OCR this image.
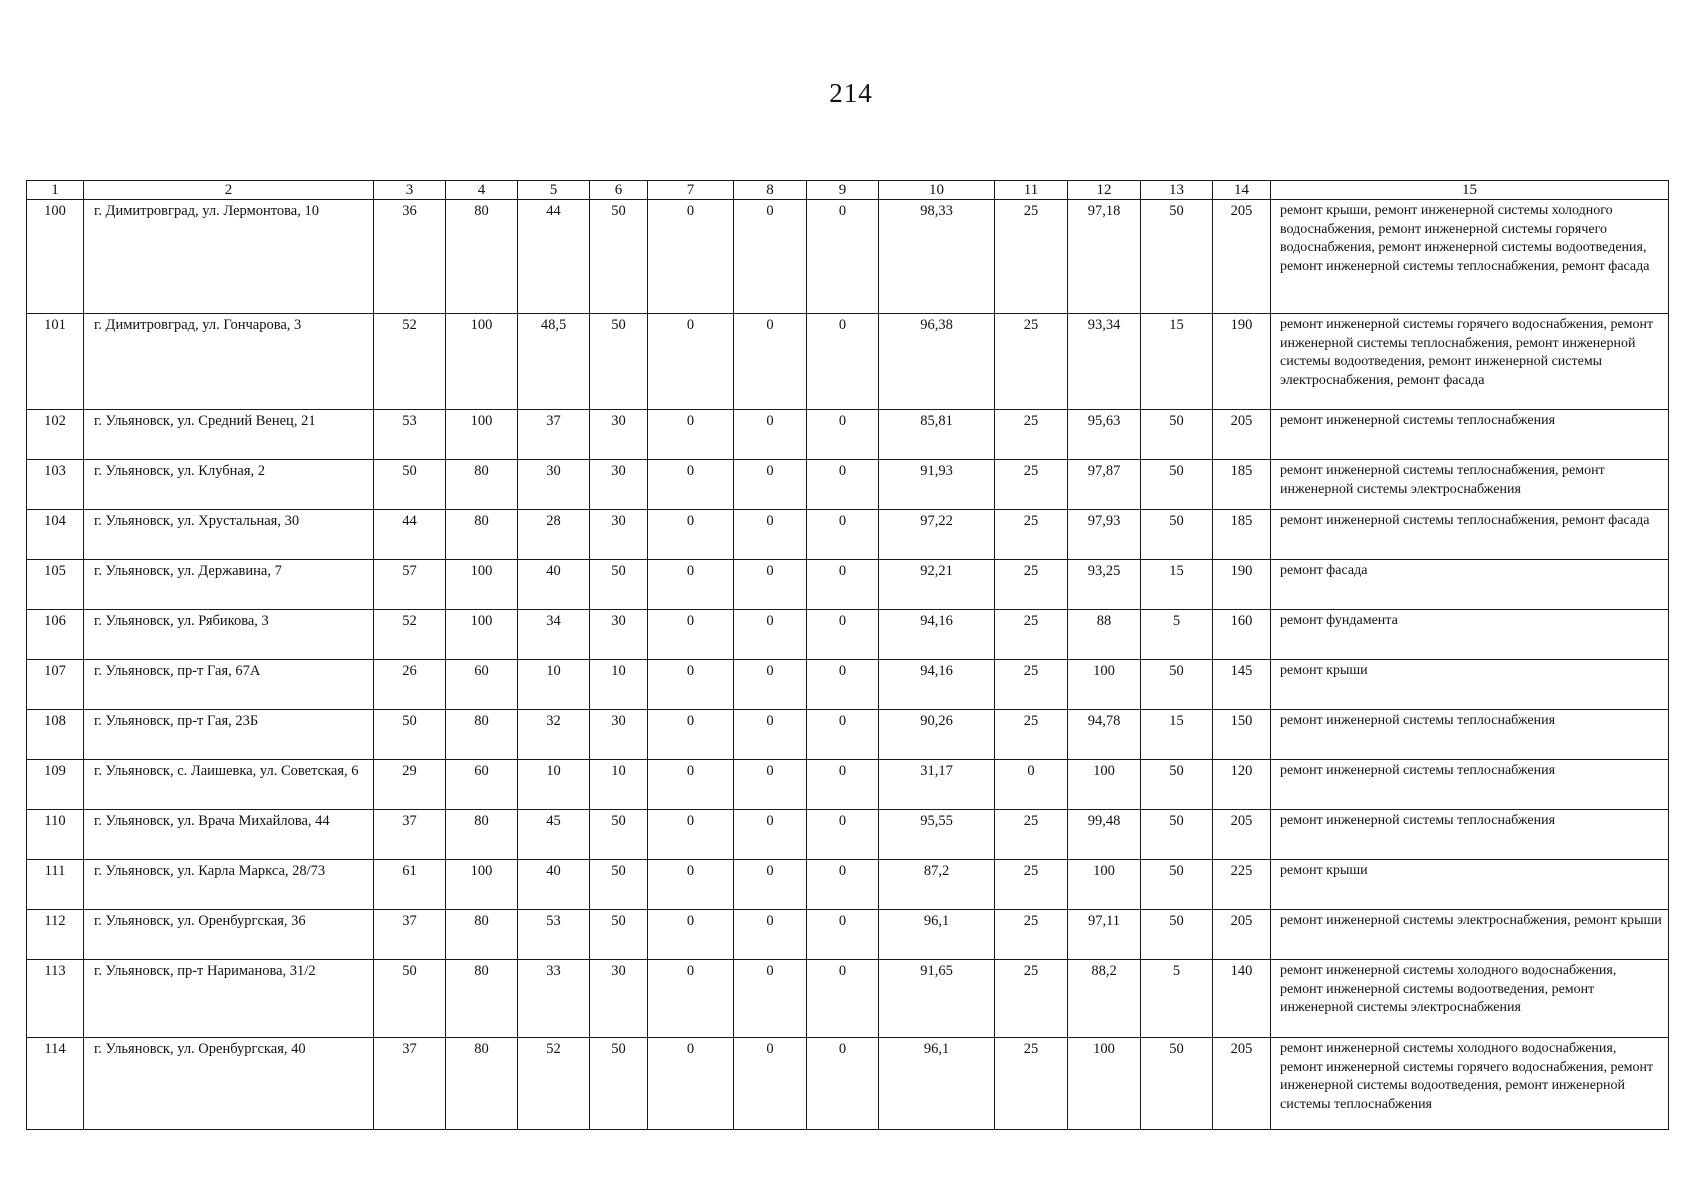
214
1	2	3	4	5	6	7	8	9	10	11	12	13	14	15
100	г. Димитровград, ул. Лермонтова, 10	36	80	44	50	0	0	0	98,33	25	97,18	50	205	ремонт крыши, ремонт инженерной системы холодного водоснабжения, ремонт инженерной системы горячего водоснабжения, ремонт инженерной системы водоотведения, ремонт инженерной системы теплоснабжения, ремонт фасада
101	г. Димитровград, ул. Гончарова, 3	52	100	48,5	50	0	0	0	96,38	25	93,34	15	190	ремонт инженерной системы горячего водоснабжения, ремонт инженерной системы теплоснабжения, ремонт инженерной системы водоотведения, ремонт инженерной системы электроснабжения, ремонт фасада
102	г. Ульяновск, ул. Средний Венец, 21	53	100	37	30	0	0	0	85,81	25	95,63	50	205	ремонт инженерной системы теплоснабжения
103	г. Ульяновск, ул. Клубная, 2	50	80	30	30	0	0	0	91,93	25	97,87	50	185	ремонт инженерной системы теплоснабжения, ремонт инженерной системы электроснабжения
104	г. Ульяновск, ул. Хрустальная, 30	44	80	28	30	0	0	0	97,22	25	97,93	50	185	ремонт инженерной системы теплоснабжения, ремонт фасада
105	г. Ульяновск, ул. Державина, 7	57	100	40	50	0	0	0	92,21	25	93,25	15	190	ремонт фасада
106	г. Ульяновск, ул. Рябикова, 3	52	100	34	30	0	0	0	94,16	25	88	5	160	ремонт фундамента
107	г. Ульяновск, пр-т Гая, 67А	26	60	10	10	0	0	0	94,16	25	100	50	145	ремонт крыши
108	г. Ульяновск, пр-т Гая, 23Б	50	80	32	30	0	0	0	90,26	25	94,78	15	150	ремонт инженерной системы теплоснабжения
109	г. Ульяновск, с. Лаишевка, ул. Советская, 6	29	60	10	10	0	0	0	31,17	0	100	50	120	ремонт инженерной системы теплоснабжения
110	г. Ульяновск, ул. Врача Михайлова, 44	37	80	45	50	0	0	0	95,55	25	99,48	50	205	ремонт инженерной системы теплоснабжения
111	г. Ульяновск, ул. Карла Маркса, 28/73	61	100	40	50	0	0	0	87,2	25	100	50	225	ремонт крыши
112	г. Ульяновск, ул. Оренбургская, 36	37	80	53	50	0	0	0	96,1	25	97,11	50	205	ремонт инженерной системы электроснабжения, ремонт крыши
113	г. Ульяновск, пр-т Нариманова, 31/2	50	80	33	30	0	0	0	91,65	25	88,2	5	140	ремонт инженерной системы холодного водоснабжения, ремонт инженерной системы водоотведения, ремонт инженерной системы электроснабжения
114	г. Ульяновск, ул. Оренбургская, 40	37	80	52	50	0	0	0	96,1	25	100	50	205	ремонт инженерной системы холодного водоснабжения, ремонт инженерной системы горячего водоснабжения, ремонт инженерной системы водоотведения, ремонт инженерной системы теплоснабжения
